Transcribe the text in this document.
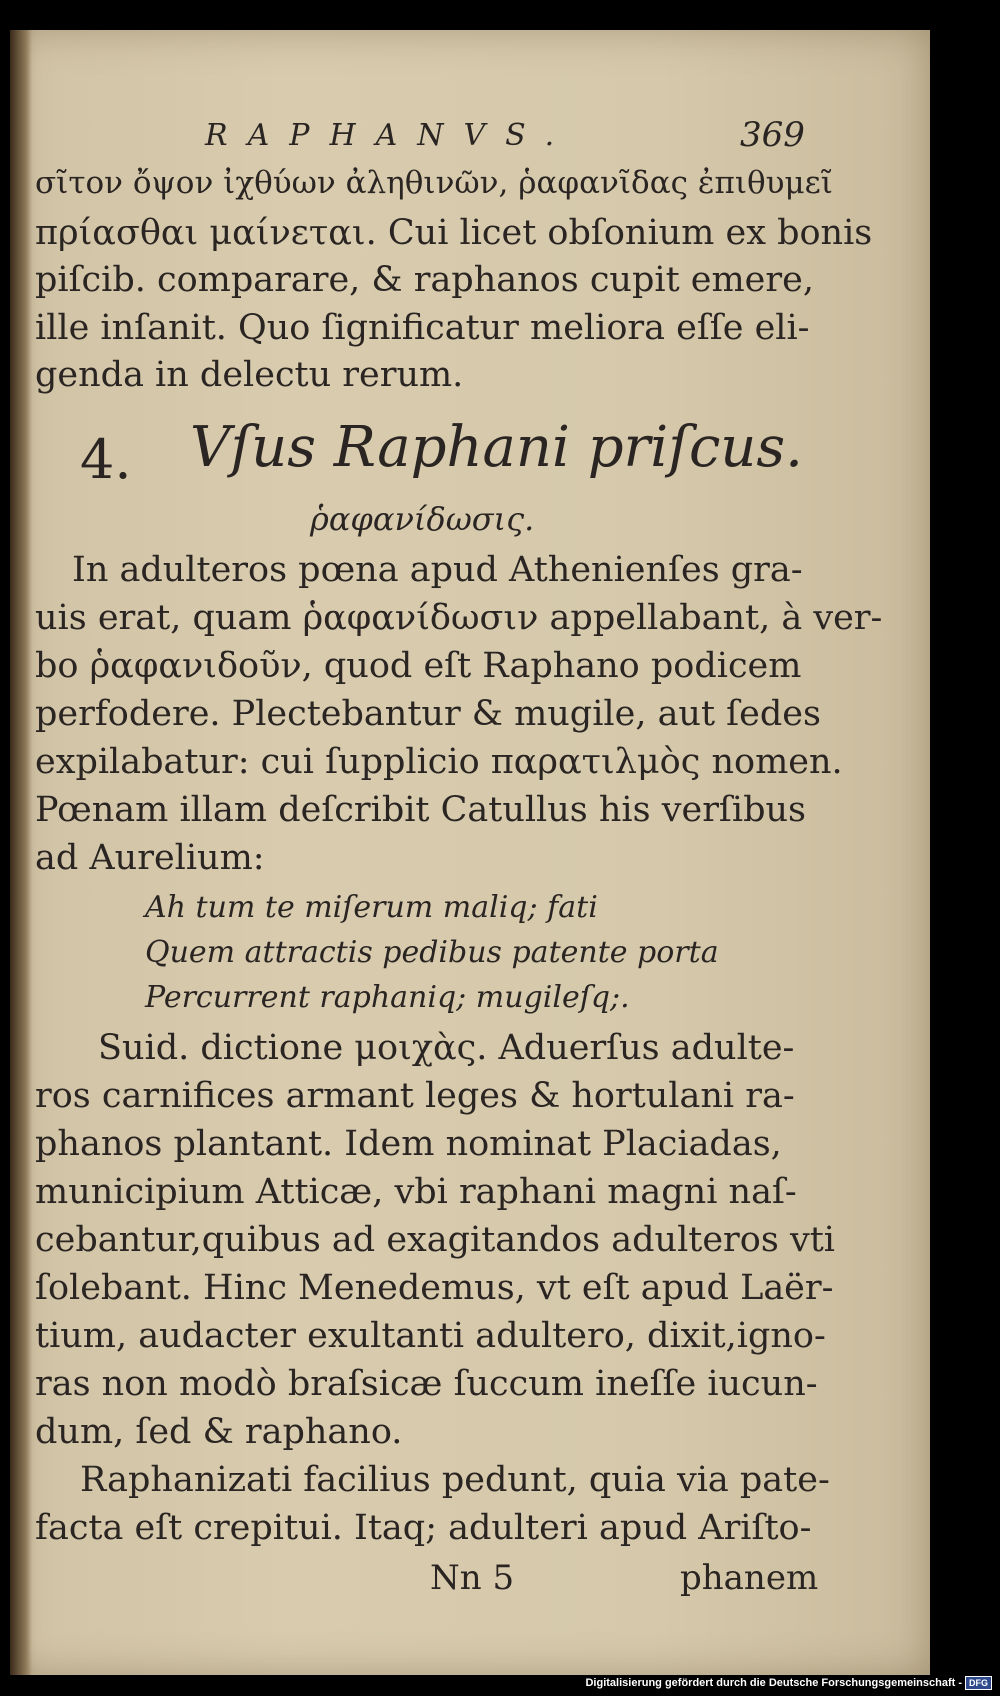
RAPHANVS.	369
σῖτον ὄψον ἰχθύων ἀληθινῶν, ῥαφανῖδας ἐπιθυμεῖ
πρίασθαι μαίνεται. Cui licet obſonium ex bonis
piſcib. comparare, & raphanos cupit emere,
ille inſanit. Quo ſignificatur meliora eſſe eli-
genda in delectu rerum.
4. Vſus Raphani priſcus.
ῥαφανίδωσις.
In adulteros pœna apud Athenienſes gra-
uis erat, quam ῥαφανίδωσιν appellabant, à ver-
bo ῥαφανιδοῦν, quod eſt Raphano podicem
perfodere. Plectebantur & mugile, aut ſedes
expilabatur: cui ſupplicio παρατιλμὸς nomen.
Pœnam illam deſcribit Catullus his verſibus
ad Aurelium:
Ah tum te miſerum maliq; fati
Quem attractis pedibus patente porta
Percurrent raphaniq; mugileſq;.
Suid. dictione μοιχὰς. Aduerſus adulte-
ros carnifices armant leges & hortulani ra-
phanos plantant. Idem nominat Placiadas,
municipium Atticæ, vbi raphani magni naſ-
cebantur,quibus ad exagitandos adulteros vti
ſolebant. Hinc Menedemus, vt eſt apud Laër-
tium, audacter exultanti adultero, dixit,igno-
ras non modò braſsicæ ſuccum ineſſe iucun-
dum, ſed & raphano.
Raphanizati facilius pedunt, quia via pate-
facta eſt crepitui. Itaq; adulteri apud Ariſto-
Nn 5	phanem
Digitalisierung gefördert durch die Deutsche Forschungsgemeinschaft - DFG
